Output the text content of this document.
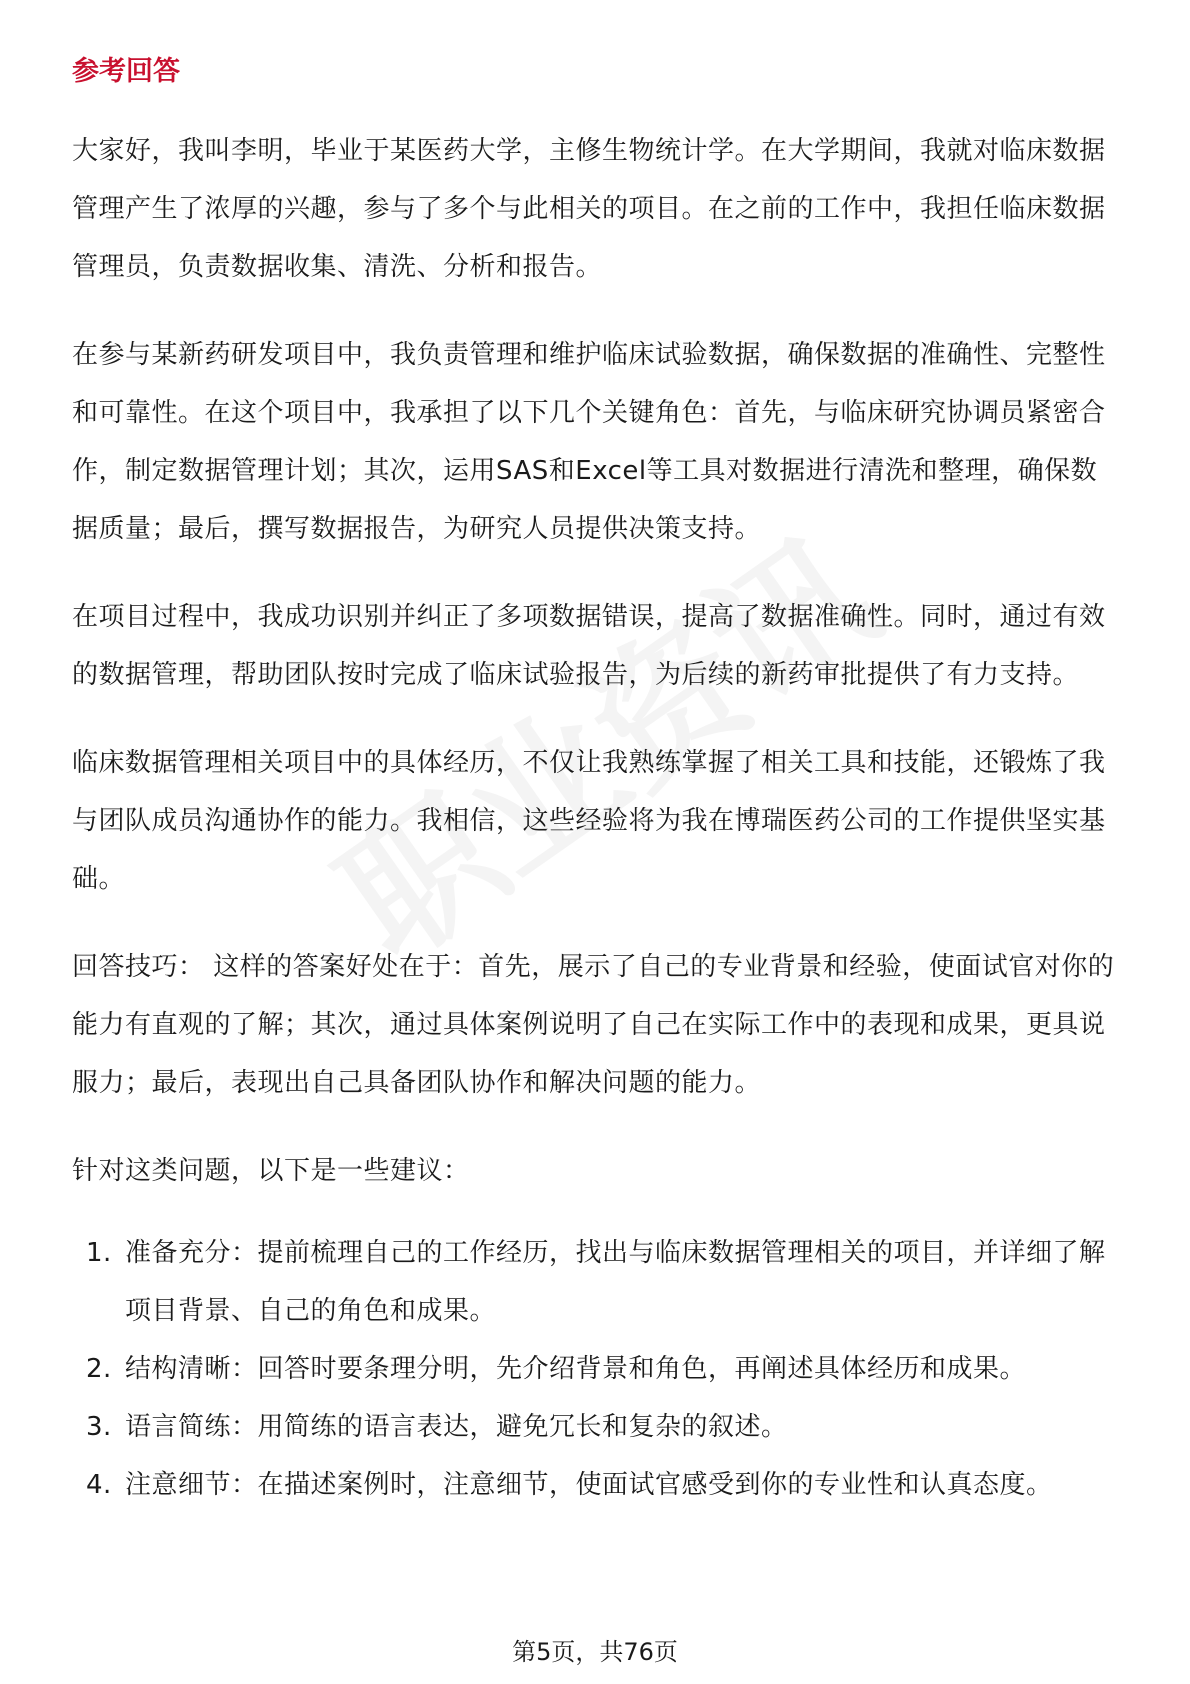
参考回答

大家好，我叫李明，毕业于某医药大学，主修生物统计学。在大学期间，我就对临床数据管理产生了浓厚的兴趣，参与了多个与此相关的项目。在之前的工作中，我担任临床数据管理员，负责数据收集、清洗、分析和报告。

在参与某新药研发项目中，我负责管理和维护临床试验数据，确保数据的准确性、完整性和可靠性。在这个项目中，我承担了以下几个关键角色：首先，与临床研究协调员紧密合作，制定数据管理计划；其次，运用SAS和Excel等工具对数据进行清洗和整理，确保数据质量；最后，撰写数据报告，为研究人员提供决策支持。

在项目过程中，我成功识别并纠正了多项数据错误，提高了数据准确性。同时，通过有效的数据管理，帮助团队按时完成了临床试验报告，为后续的新药审批提供了有力支持。

临床数据管理相关项目中的具体经历，不仅让我熟练掌握了相关工具和技能，还锻炼了我与团队成员沟通协作的能力。我相信，这些经验将为我在博瑞医药公司的工作提供坚实基础。

回答技巧： 这样的答案好处在于：首先，展示了自己的专业背景和经验，使面试官对你的能力有直观的了解；其次，通过具体案例说明了自己在实际工作中的表现和成果，更具说服力；最后，表现出自己具备团队协作和解决问题的能力。

针对这类问题，以下是一些建议：

1. 准备充分：提前梳理自己的工作经历，找出与临床数据管理相关的项目，并详细了解项目背景、自己的角色和成果。
2. 结构清晰：回答时要条理分明，先介绍背景和角色，再阐述具体经历和成果。
3. 语言简练：用简练的语言表达，避免冗长和复杂的叙述。
4. 注意细节：在描述案例时，注意细节，使面试官感受到你的专业性和认真态度。
第5页，共76页
